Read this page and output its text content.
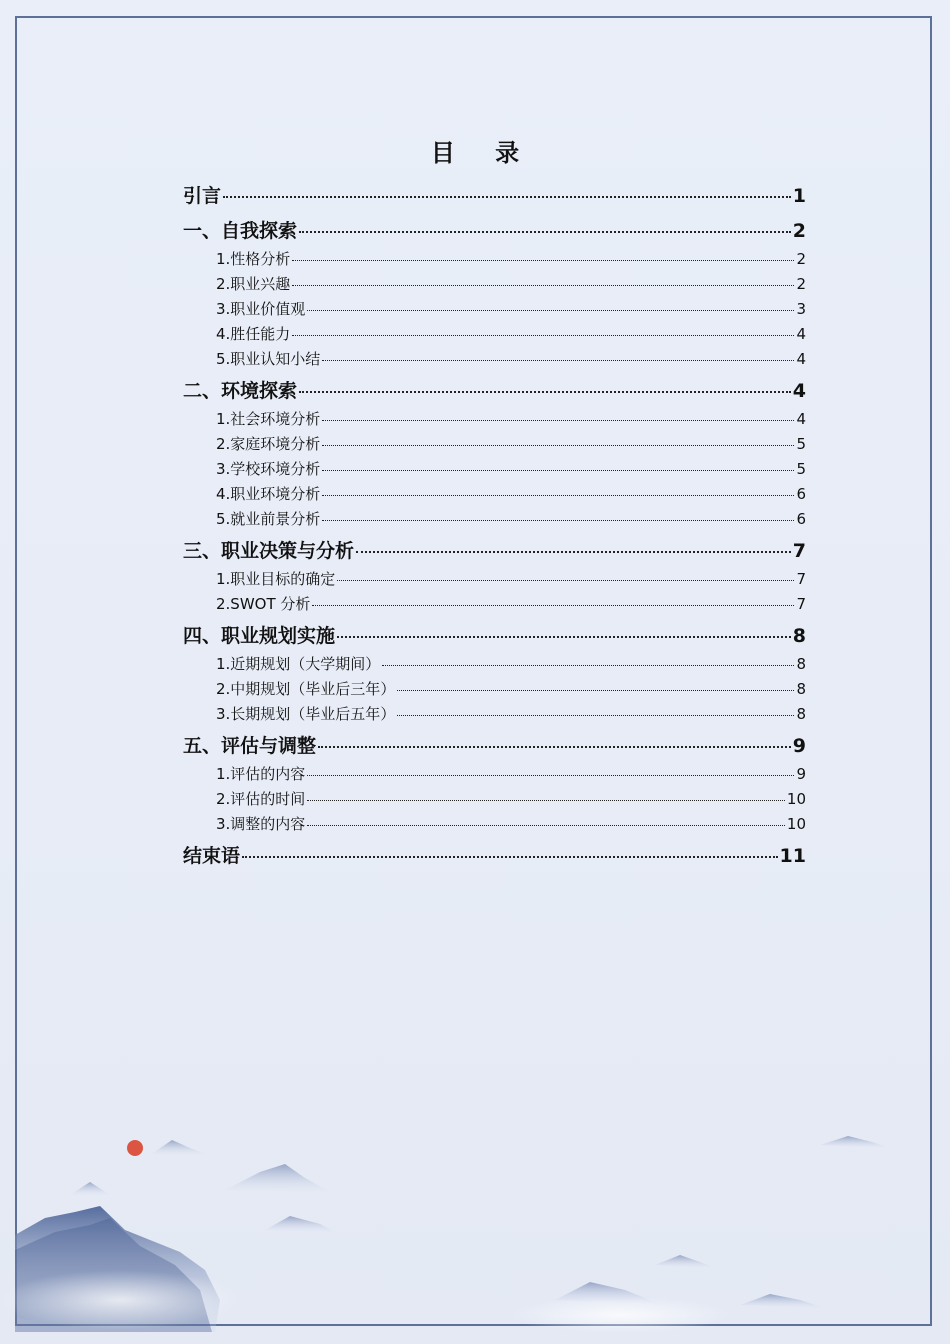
目 录
引言	1
一、自我探索	2
1.性格分析	2
2.职业兴趣	2
3.职业价值观	3
4.胜任能力	4
5.职业认知小结	4
二、环境探索	4
1.社会环境分析	4
2.家庭环境分析	5
3.学校环境分析	5
4.职业环境分析	6
5.就业前景分析	6
三、职业决策与分析	7
1.职业目标的确定	7
2.SWOT 分析	7
四、职业规划实施	8
1.近期规划（大学期间）	8
2.中期规划（毕业后三年）	8
3.长期规划（毕业后五年）	8
五、评估与调整	9
1.评估的内容	9
2.评估的时间	10
3.调整的内容	10
结束语	11
